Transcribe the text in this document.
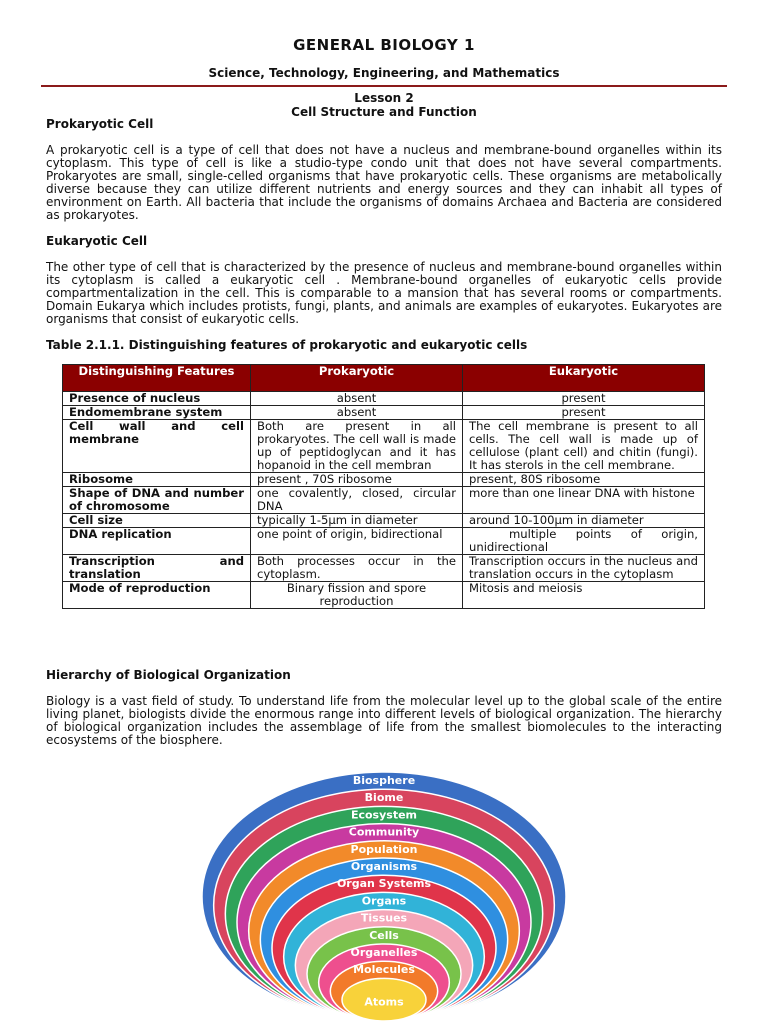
GENERAL BIOLOGY 1
Science, Technology, Engineering, and Mathematics
Lesson 2
Cell Structure and Function
Prokaryotic Cell
A prokaryotic cell is a type of cell that does not have a nucleus and membrane-bound organelles within its cytoplasm. This type of cell is like a studio-type condo unit that does not have several compartments. Prokaryotes are small, single-celled organisms that have prokaryotic cells. These organisms are metabolically diverse because they can utilize different nutrients and energy sources and they can inhabit all types of environment on Earth. All bacteria that include the organisms of domains Archaea and Bacteria are considered as prokaryotes.
Eukaryotic Cell
The other type of cell that is characterized by the presence of nucleus and membrane-bound organelles within its cytoplasm is called a eukaryotic cell . Membrane-bound organelles of eukaryotic cells provide compartmentalization in the cell. This is comparable to a mansion that has several rooms or compartments. Domain Eukarya which includes protists, fungi, plants, and animals are examples of eukaryotes. Eukaryotes are organisms that consist of eukaryotic cells.
Table 2.1.1. Distinguishing features of prokaryotic and eukaryotic cells
Distinguishing Features	Prokaryotic	Eukaryotic
Presence of nucleus	absent	present
Endomembrane system	absent	present
Cell wall and cell membrane	Both are present in all prokaryotes. The cell wall is made up of peptidoglycan and it has hopanoid in the cell membran	The cell membrane is present to all cells. The cell wall is made up of cellulose (plant cell) and chitin (fungi). It has sterols in the cell membrane.
Ribosome	present , 70S ribosome	present, 80S ribosome
Shape of DNA and number of chromosome	one covalently, closed, circular DNA	more than one linear DNA with histone
Cell size	typically 1-5µm in diameter	around 10-100µm in diameter
DNA replication	one point of origin, bidirectional	multiple points of origin, unidirectional
Transcription and translation	Both processes occur in the cytoplasm.	Transcription occurs in the nucleus and translation occurs in the cytoplasm
Mode of reproduction	Binary fission and spore reproduction	Mitosis and meiosis
Hierarchy of Biological Organization
Biology is a vast field of study. To understand life from the molecular level up to the global scale of the entire living planet, biologists divide the enormous range into different levels of biological organization. The hierarchy of biological organization includes the assemblage of life from the smallest biomolecules to the interacting ecosystems of the biosphere.
Biosphere
Biome
Ecosystem
Community
Population
Organisms
Organ Systems
Organs
Tissues
Cells
Organelles
Molecules
Atoms
